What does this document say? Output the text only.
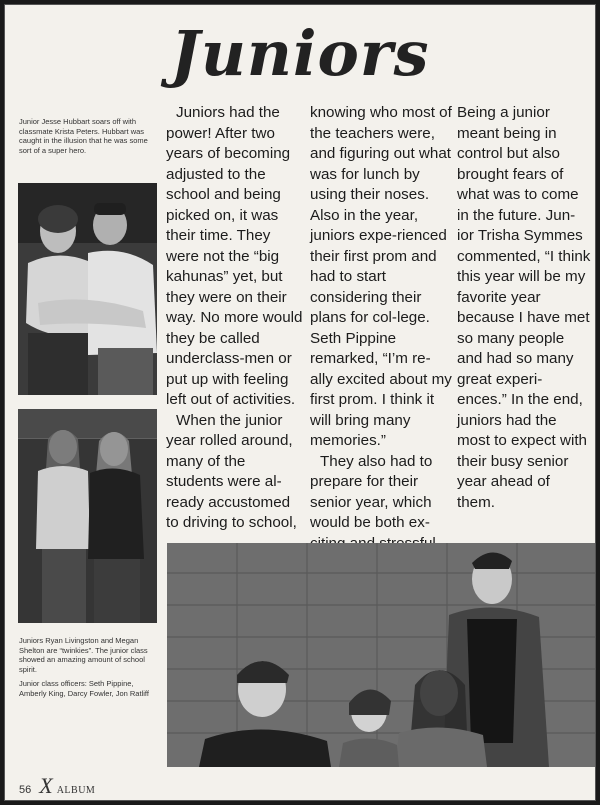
Juniors
Junior Jesse Hubbart soars off with classmate Krista Peters. Hubbart was caught in the illusion that he was some sort of a super hero.
Juniors Ryan Livingston and Megan Shelton are “twinkies”. The junior class showed an amazing amount of school spirit.
Junior class officers: Seth Pippine, Amberly King, Darcy Fowler, Jon Ratliff

Juniors had the power! After two years of becoming adjusted to the school and being picked on, it was their time. They were not the “big kahunas” yet, but they were on their way. No more would they be called underclass-men or put up with feeling left out of activities.

When the junior year rolled around, many of the students were al-ready accustomed to driving to school,

knowing who most of the teachers were, and figuring out what was for lunch by using their noses. Also in the year, juniors expe-rienced their first prom and had to start considering their plans for col-lege. Seth Pippine remarked, “I’m re-ally excited about my first prom. I think it will bring many memories.”

They also had to prepare for their senior year, which would be both ex-

Being a junior meant being in control but also brought fears of what was to come in the future. Jun-ior Trisha Symmes commented, “I think this year will be my favorite year because I have met so many people and had so many great experi-ences.” In the end, juniors had the most to expect with their busy senior year ahead of them.

56 X ALBUM
